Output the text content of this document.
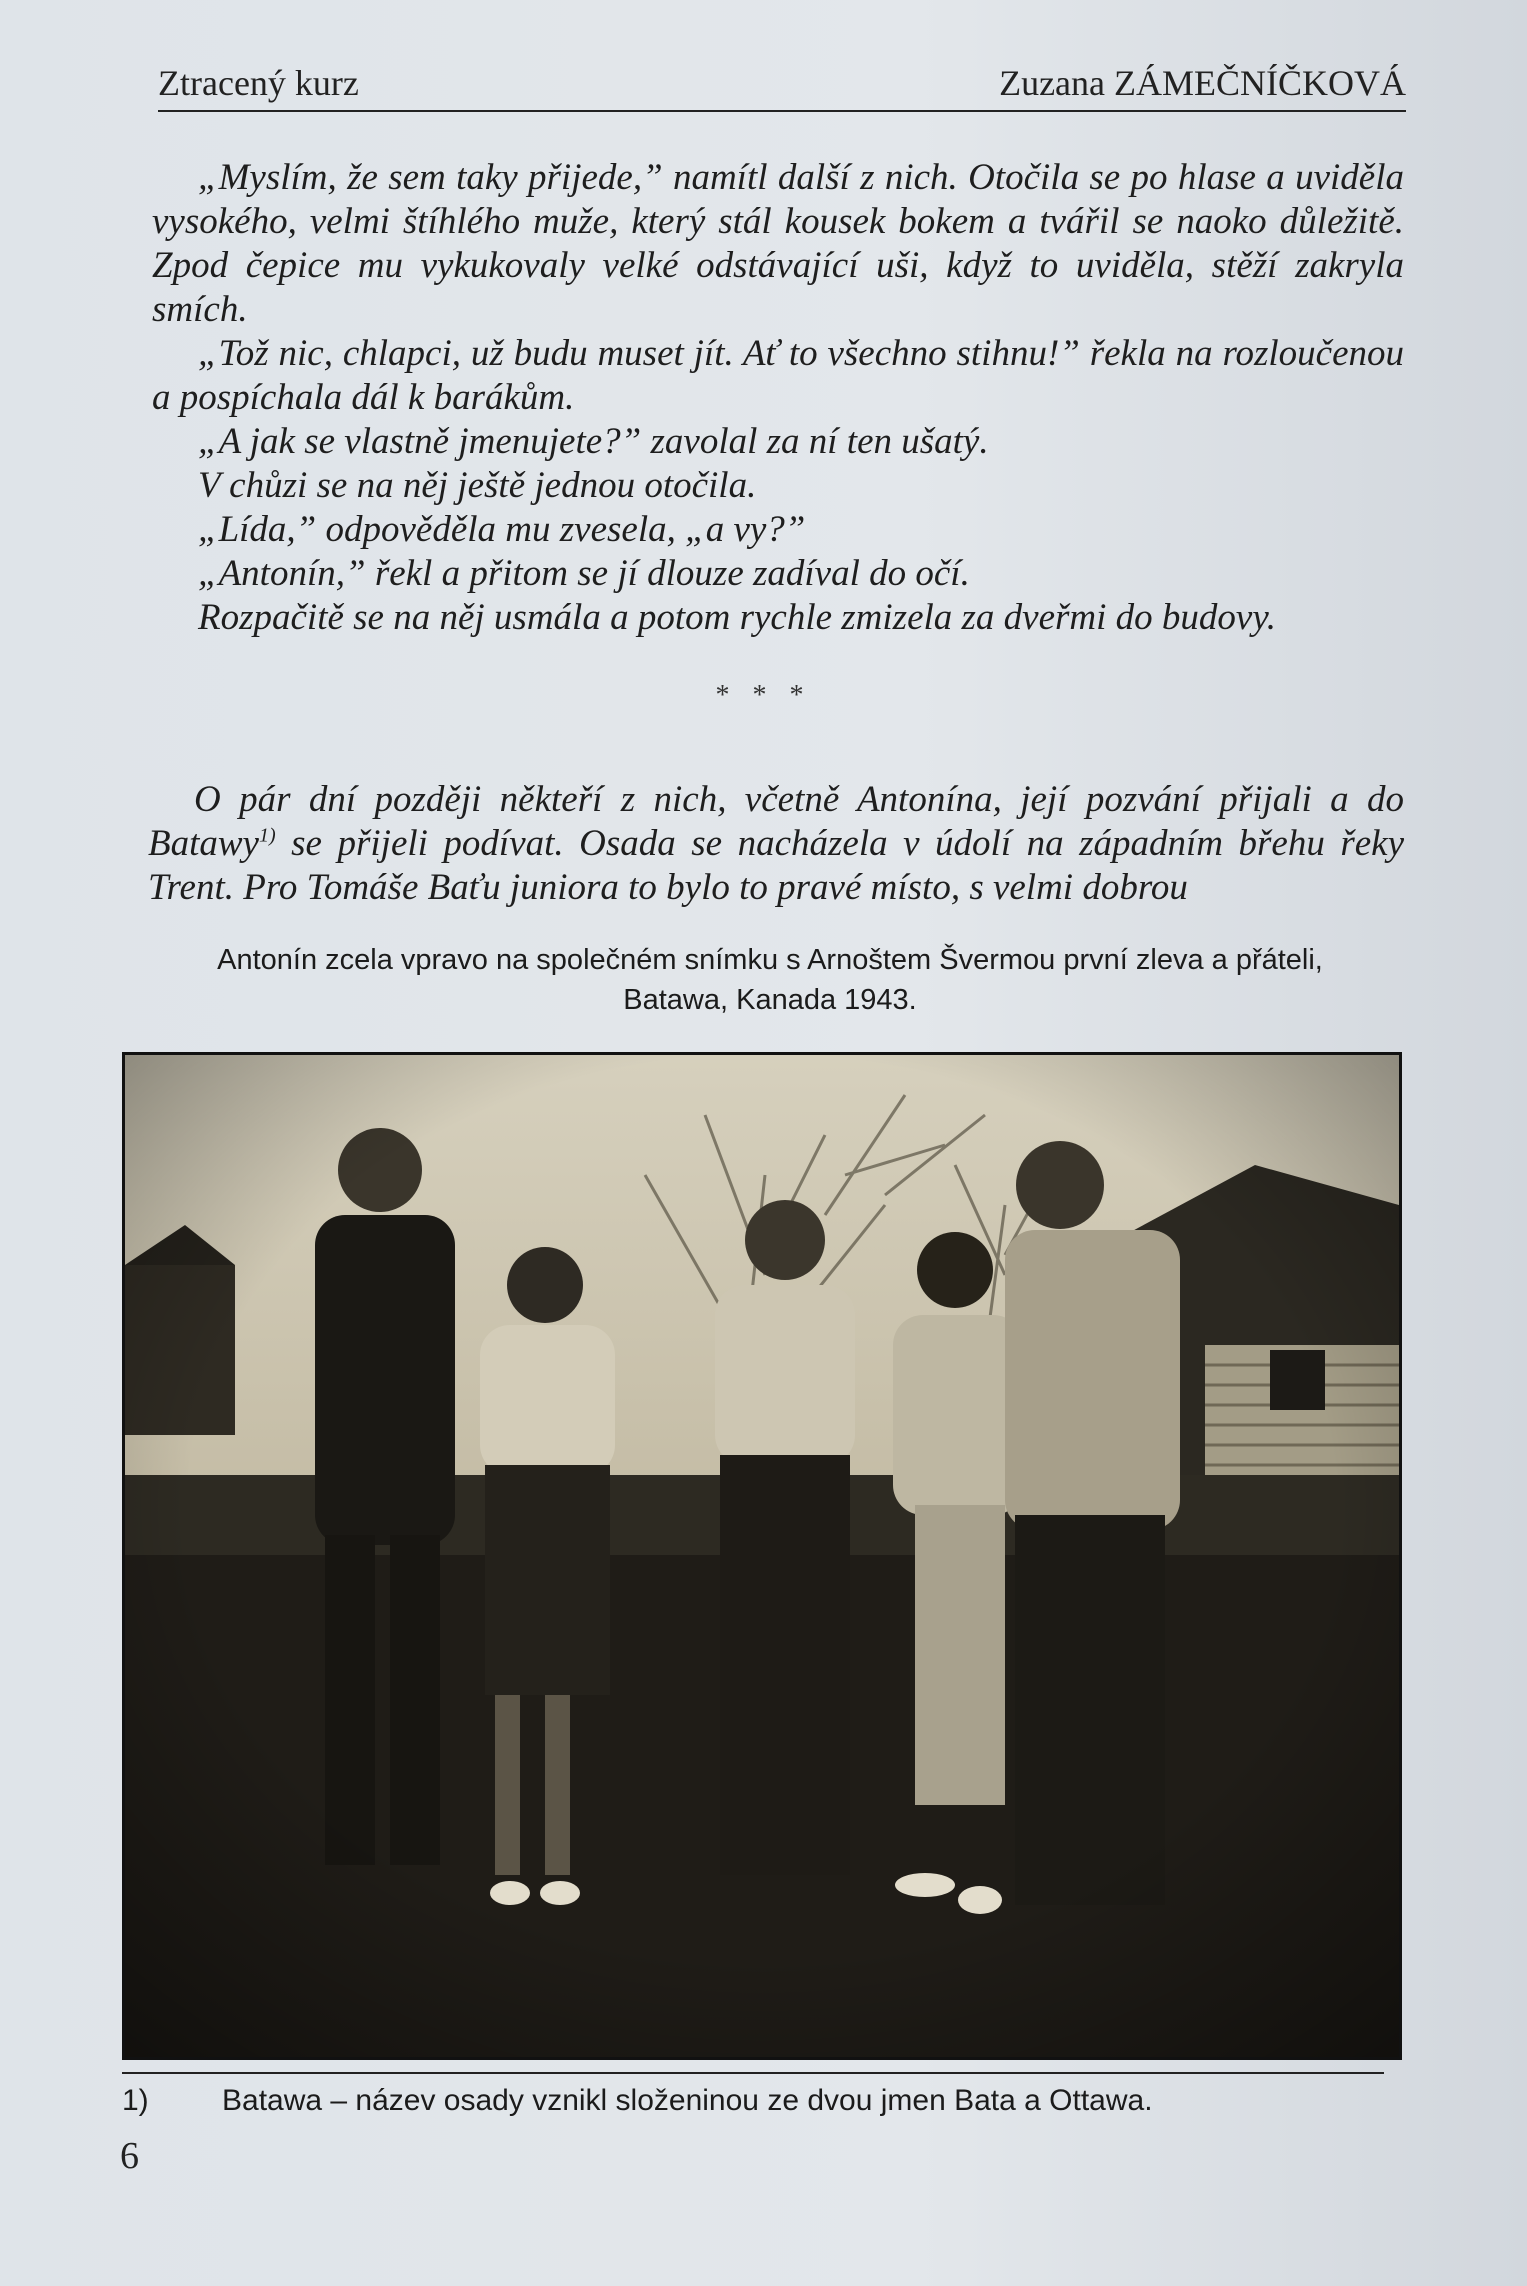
Ztracený kurz	Zuzana ZÁMEČNÍČKOVÁ

„Myslím, že sem taky přijede,” namítl další z nich. Otočila se po hlase a uviděla vysokého, velmi štíhlého muže, který stál kousek bokem a tvářil se naoko důležitě. Zpod čepice mu vykukovaly velké odstávající uši, když to uviděla, stěží zakryla smích.

„Tož nic, chlapci, už budu muset jít. Ať to všechno stihnu!” řekla na rozloučenou a pospíchala dál k barákům.

„A jak se vlastně jmenujete?” zavolal za ní ten ušatý.

V chůzi se na něj ještě jednou otočila.

„Lída,” odpověděla mu zvesela, „a vy?”

„Antonín,” řekl a přitom se jí dlouze zadíval do očí.

Rozpačitě se na něj usmála a potom rychle zmizela za dveřmi do budovy.

* * *

O pár dní později někteří z nich, včetně Antonína, její pozvání přijali a do Batawy$^{1)}$ se přijeli podívat. Osada se nacházela v údolí na západním břehu řeky Trent. Pro Tomáše Baťu juniora to bylo to pravé místo, s velmi dobrou

Antonín zcela vpravo na společném snímku s Arnoštem Švermou první zleva a přáteli,
Batawa, Kanada 1943.
1) Batawa – název osady vznikl složeninou ze dvou jmen Bata a Ottawa.
6
